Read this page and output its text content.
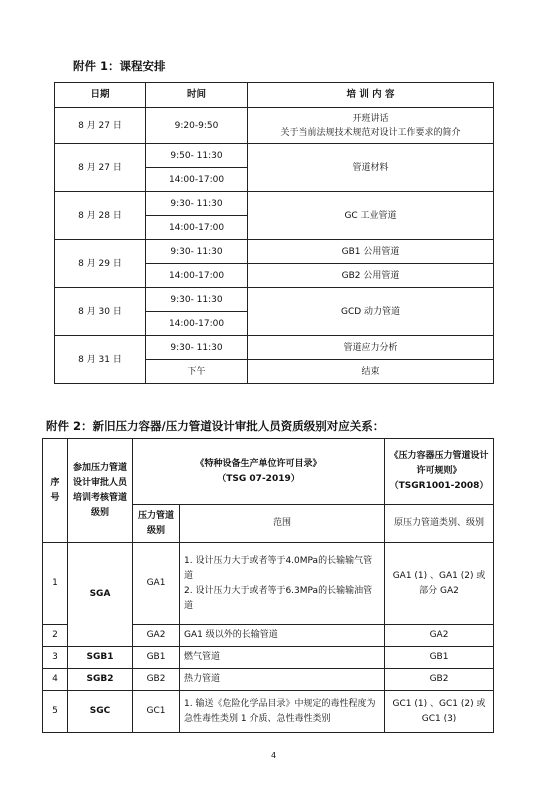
附件 1：课程安排
日期	时间	培 训 内 容
8 月 27 日	9:20-9:50	开班讲话
关于当前法规技术规范对设计工作要求的简介
8 月 27 日	9:50- 11:30	管道材料
	14:00-17:00	
8 月 28 日	9:30- 11:30	GC 工业管道
	14:00-17:00	
8 月 29 日	9:30- 11:30	GB1 公用管道
	14:00-17:00	GB2 公用管道
8 月 30 日	9:30- 11:30	GCD 动力管道
	14:00-17:00	
8 月 31 日	9:30- 11:30	管道应力分析
	下午	结束
附件 2：新旧压力容器/压力管道设计审批人员资质级别对应关系：
序
号	参加压力管道设计审批人员培训考核管道级别	《特种设备生产单位许可目录》
（TSG 07-2019）		《压力容器压力管道设计许可规则》
（TSGR1001-2008）
		压力管道级别	范围	原压力管道类别、级别
1	SGA	GA1	1. 设计压力大于或者等于4.0MPa的长输输气管道
2. 设计压力大于或者等于6.3MPa的长输输油管道	GA1 (1) 、GA1 (2) 或 部分 GA2
2		GA2	GA1 级以外的长输管道	GA2
3	SGB1	GB1	燃气管道	GB1
4	SGB2	GB2	热力管道	GB2
5	SGC	GC1	1. 输送《危险化学品目录》中规定的毒性程度为急性毒性类别 1 介质、急性毒性类别	GC1 (1) 、GC1 (2) 或 GC1 (3)
4
